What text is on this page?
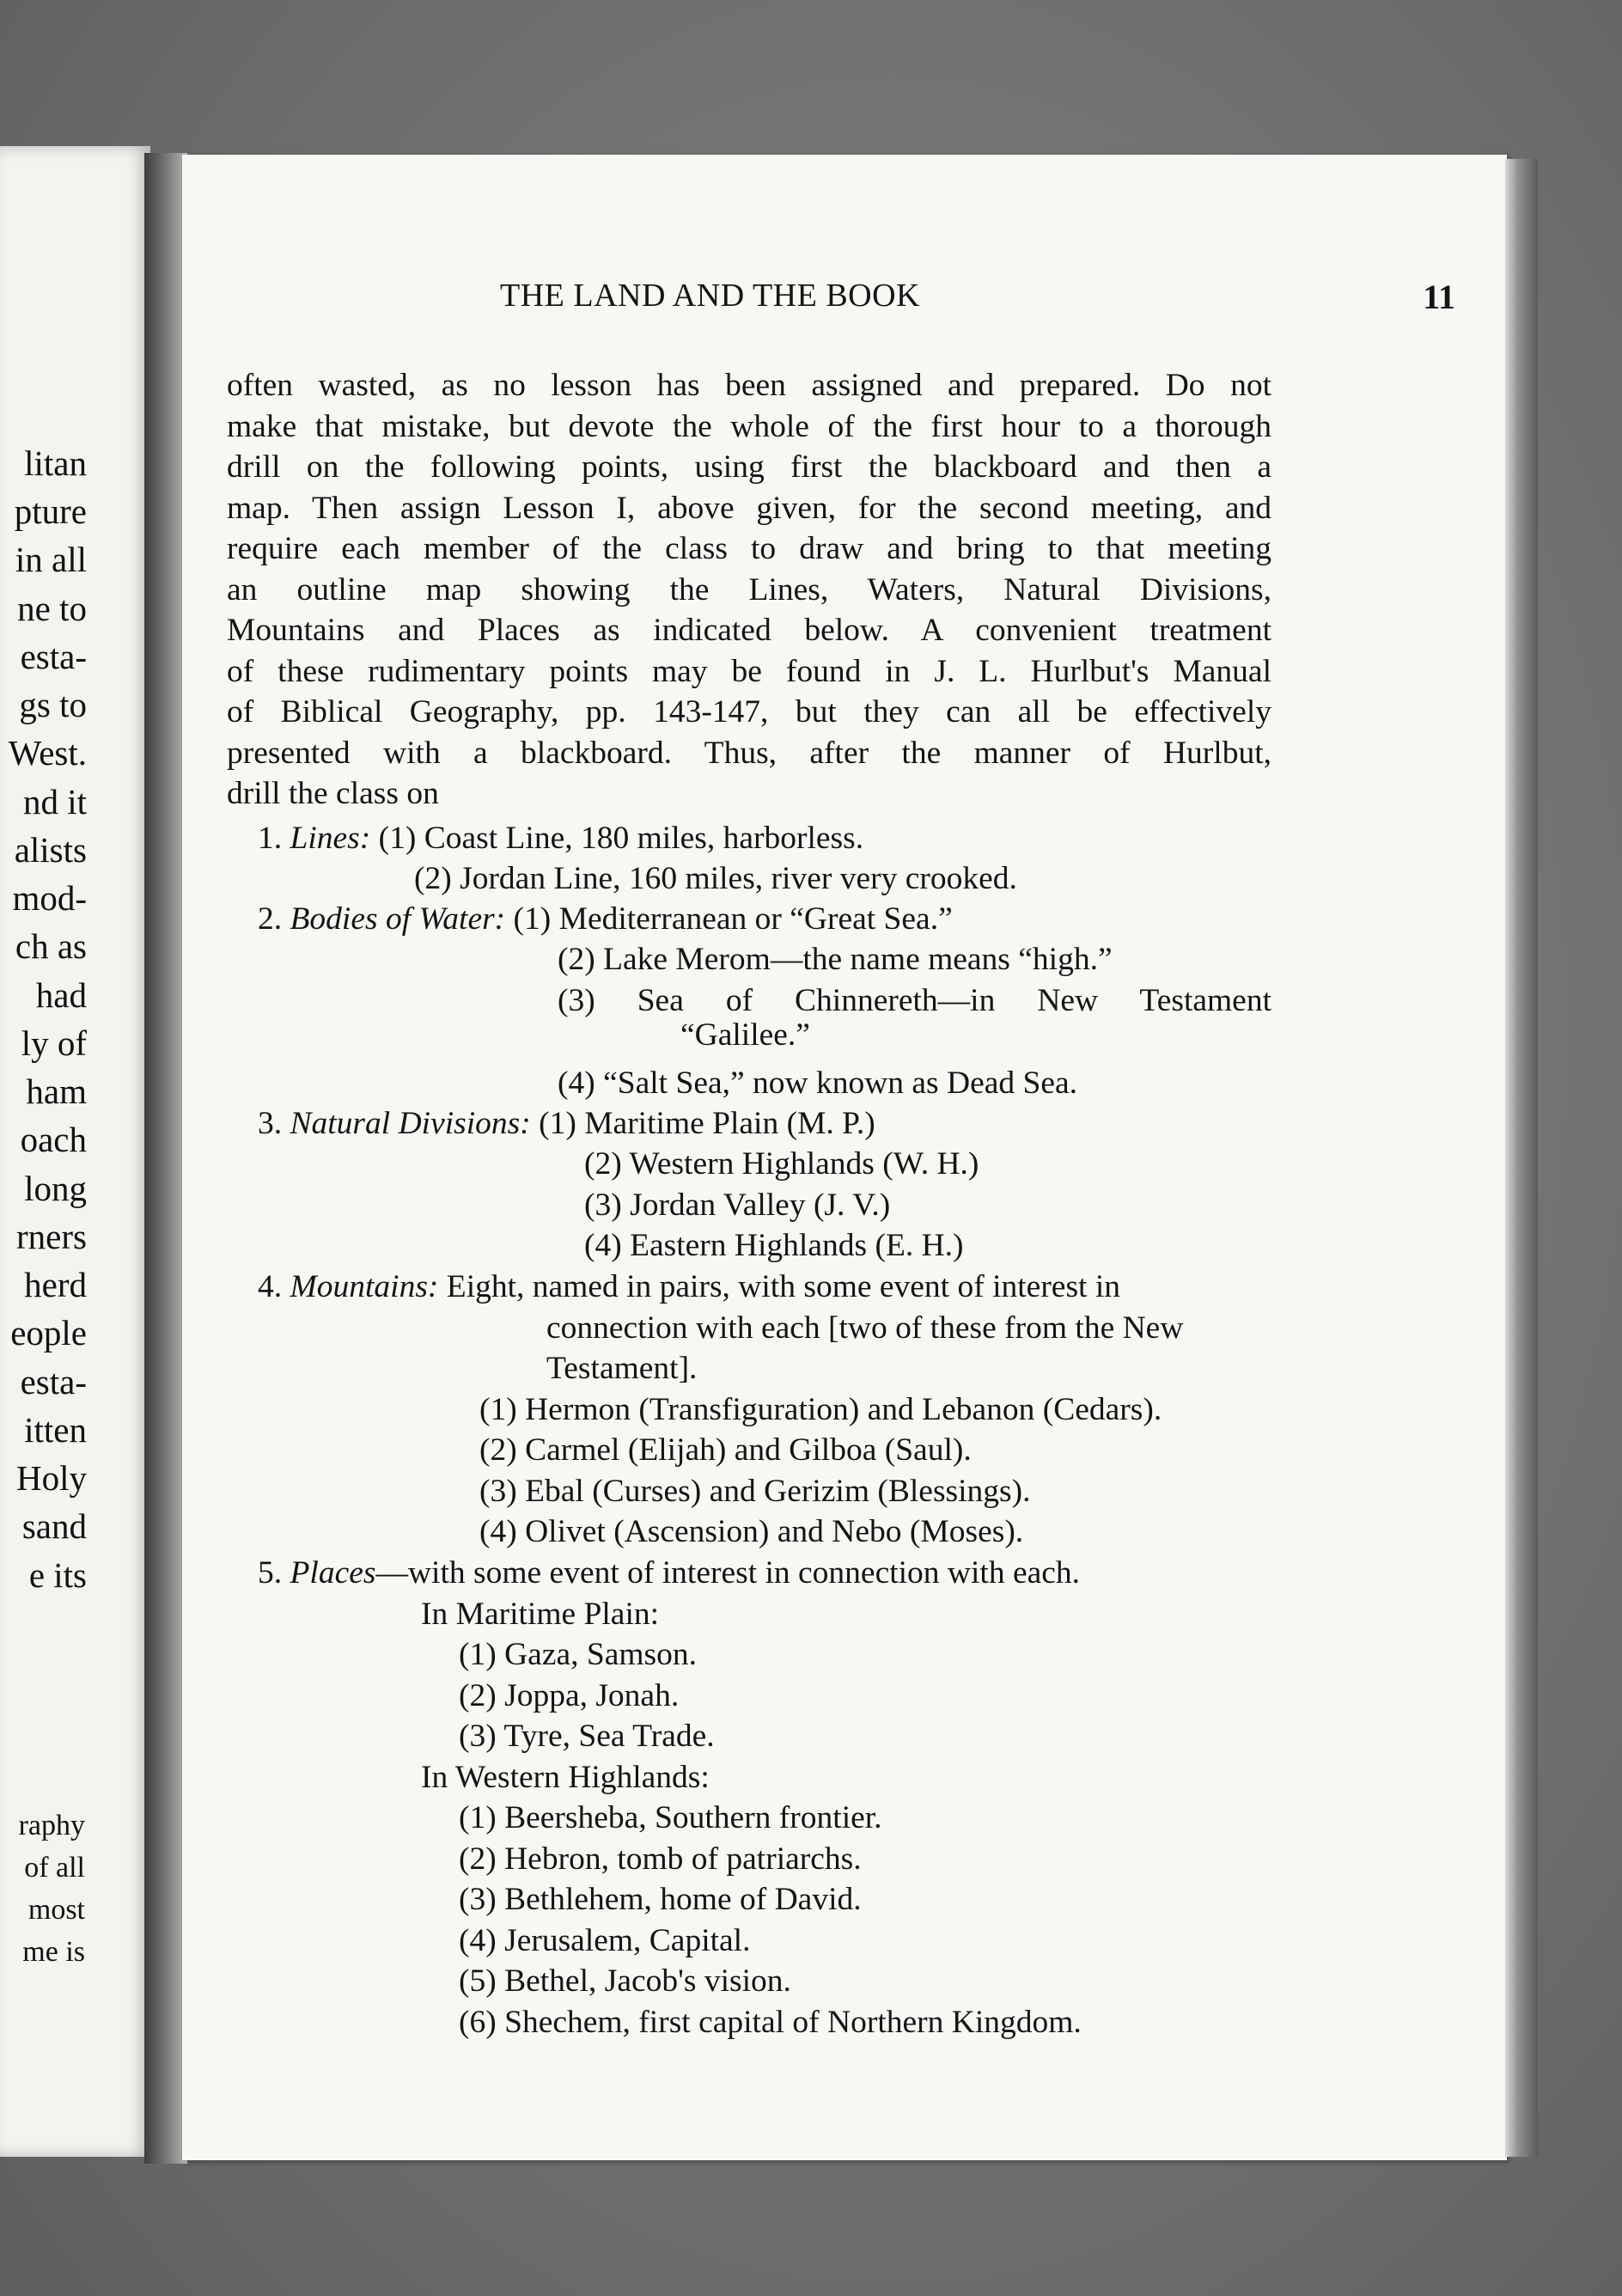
litan
pture
in all
ne to
esta-
gs to
West.
nd it
alists
mod-
ch as
had
ly of
ham
oach
long
rners
herd
eople
esta-
itten
Holy
sand
e its
raphy
of all
most
me is
THE LAND AND THE BOOK	11
often wasted, as no lesson has been assigned and prepared. Do not
make that mistake, but devote the whole of the first hour to a thorough
drill on the following points, using first the blackboard and then a
map. Then assign Lesson I, above given, for the second meeting, and
require each member of the class to draw and bring to that meeting
an outline map showing the Lines, Waters, Natural Divisions,
Mountains and Places as indicated below. A convenient treatment
of these rudimentary points may be found in J. L. Hurlbut's Manual
of Biblical Geography, pp. 143-147, but they can all be effectively
presented with a blackboard. Thus, after the manner of Hurlbut,
drill the class on
1. Lines: (1) Coast Line, 180 miles, harborless.
(2) Jordan Line, 160 miles, river very crooked.
2. Bodies of Water: (1) Mediterranean or “Great Sea.”
(2) Lake Merom—the name means “high.”
(3) Sea of Chinnereth—in New Testament
“Galilee.”
(4) “Salt Sea,” now known as Dead Sea.
3. Natural Divisions: (1) Maritime Plain (M. P.)
(2) Western Highlands (W. H.)
(3) Jordan Valley (J. V.)
(4) Eastern Highlands (E. H.)
4. Mountains: Eight, named in pairs, with some event of interest in
connection with each [two of these from the New
Testament].
(1) Hermon (Transfiguration) and Lebanon (Cedars).
(2) Carmel (Elijah) and Gilboa (Saul).
(3) Ebal (Curses) and Gerizim (Blessings).
(4) Olivet (Ascension) and Nebo (Moses).
5. Places—with some event of interest in connection with each.
In Maritime Plain:
(1) Gaza, Samson.
(2) Joppa, Jonah.
(3) Tyre, Sea Trade.
In Western Highlands:
(1) Beersheba, Southern frontier.
(2) Hebron, tomb of patriarchs.
(3) Bethlehem, home of David.
(4) Jerusalem, Capital.
(5) Bethel, Jacob's vision.
(6) Shechem, first capital of Northern Kingdom.
